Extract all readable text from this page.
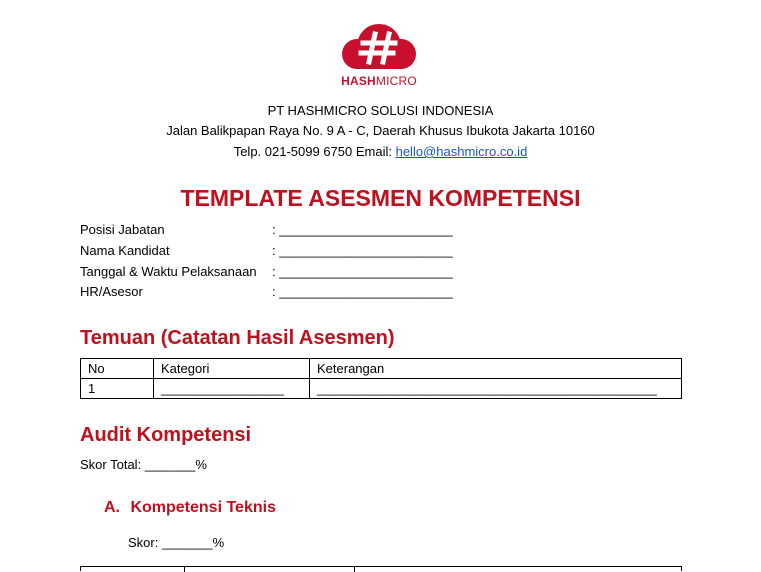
HASHMICRO
PT HASHMICRO SOLUSI INDONESIA
Jalan Balikpapan Raya No. 9 A - C, Daerah Khusus Ibukota Jakarta 10160
Telp. 021-5099 6750 Email: hello@hashmicro.co.id
TEMPLATE ASESMEN KOMPETENSI
Posisi Jabatan	: ________________________
Nama Kandidat	: ________________________
Tanggal & Waktu Pelaksanaan : ________________________
HR/Asesor	: ________________________
Temuan (Catatan Hasil Asesmen)
No	Kategori	Keterangan
1	_________________	_______________________________________________
Audit Kompetensi
Skor Total: _______%
A. Kompetensi Teknis
Skor: _______%
